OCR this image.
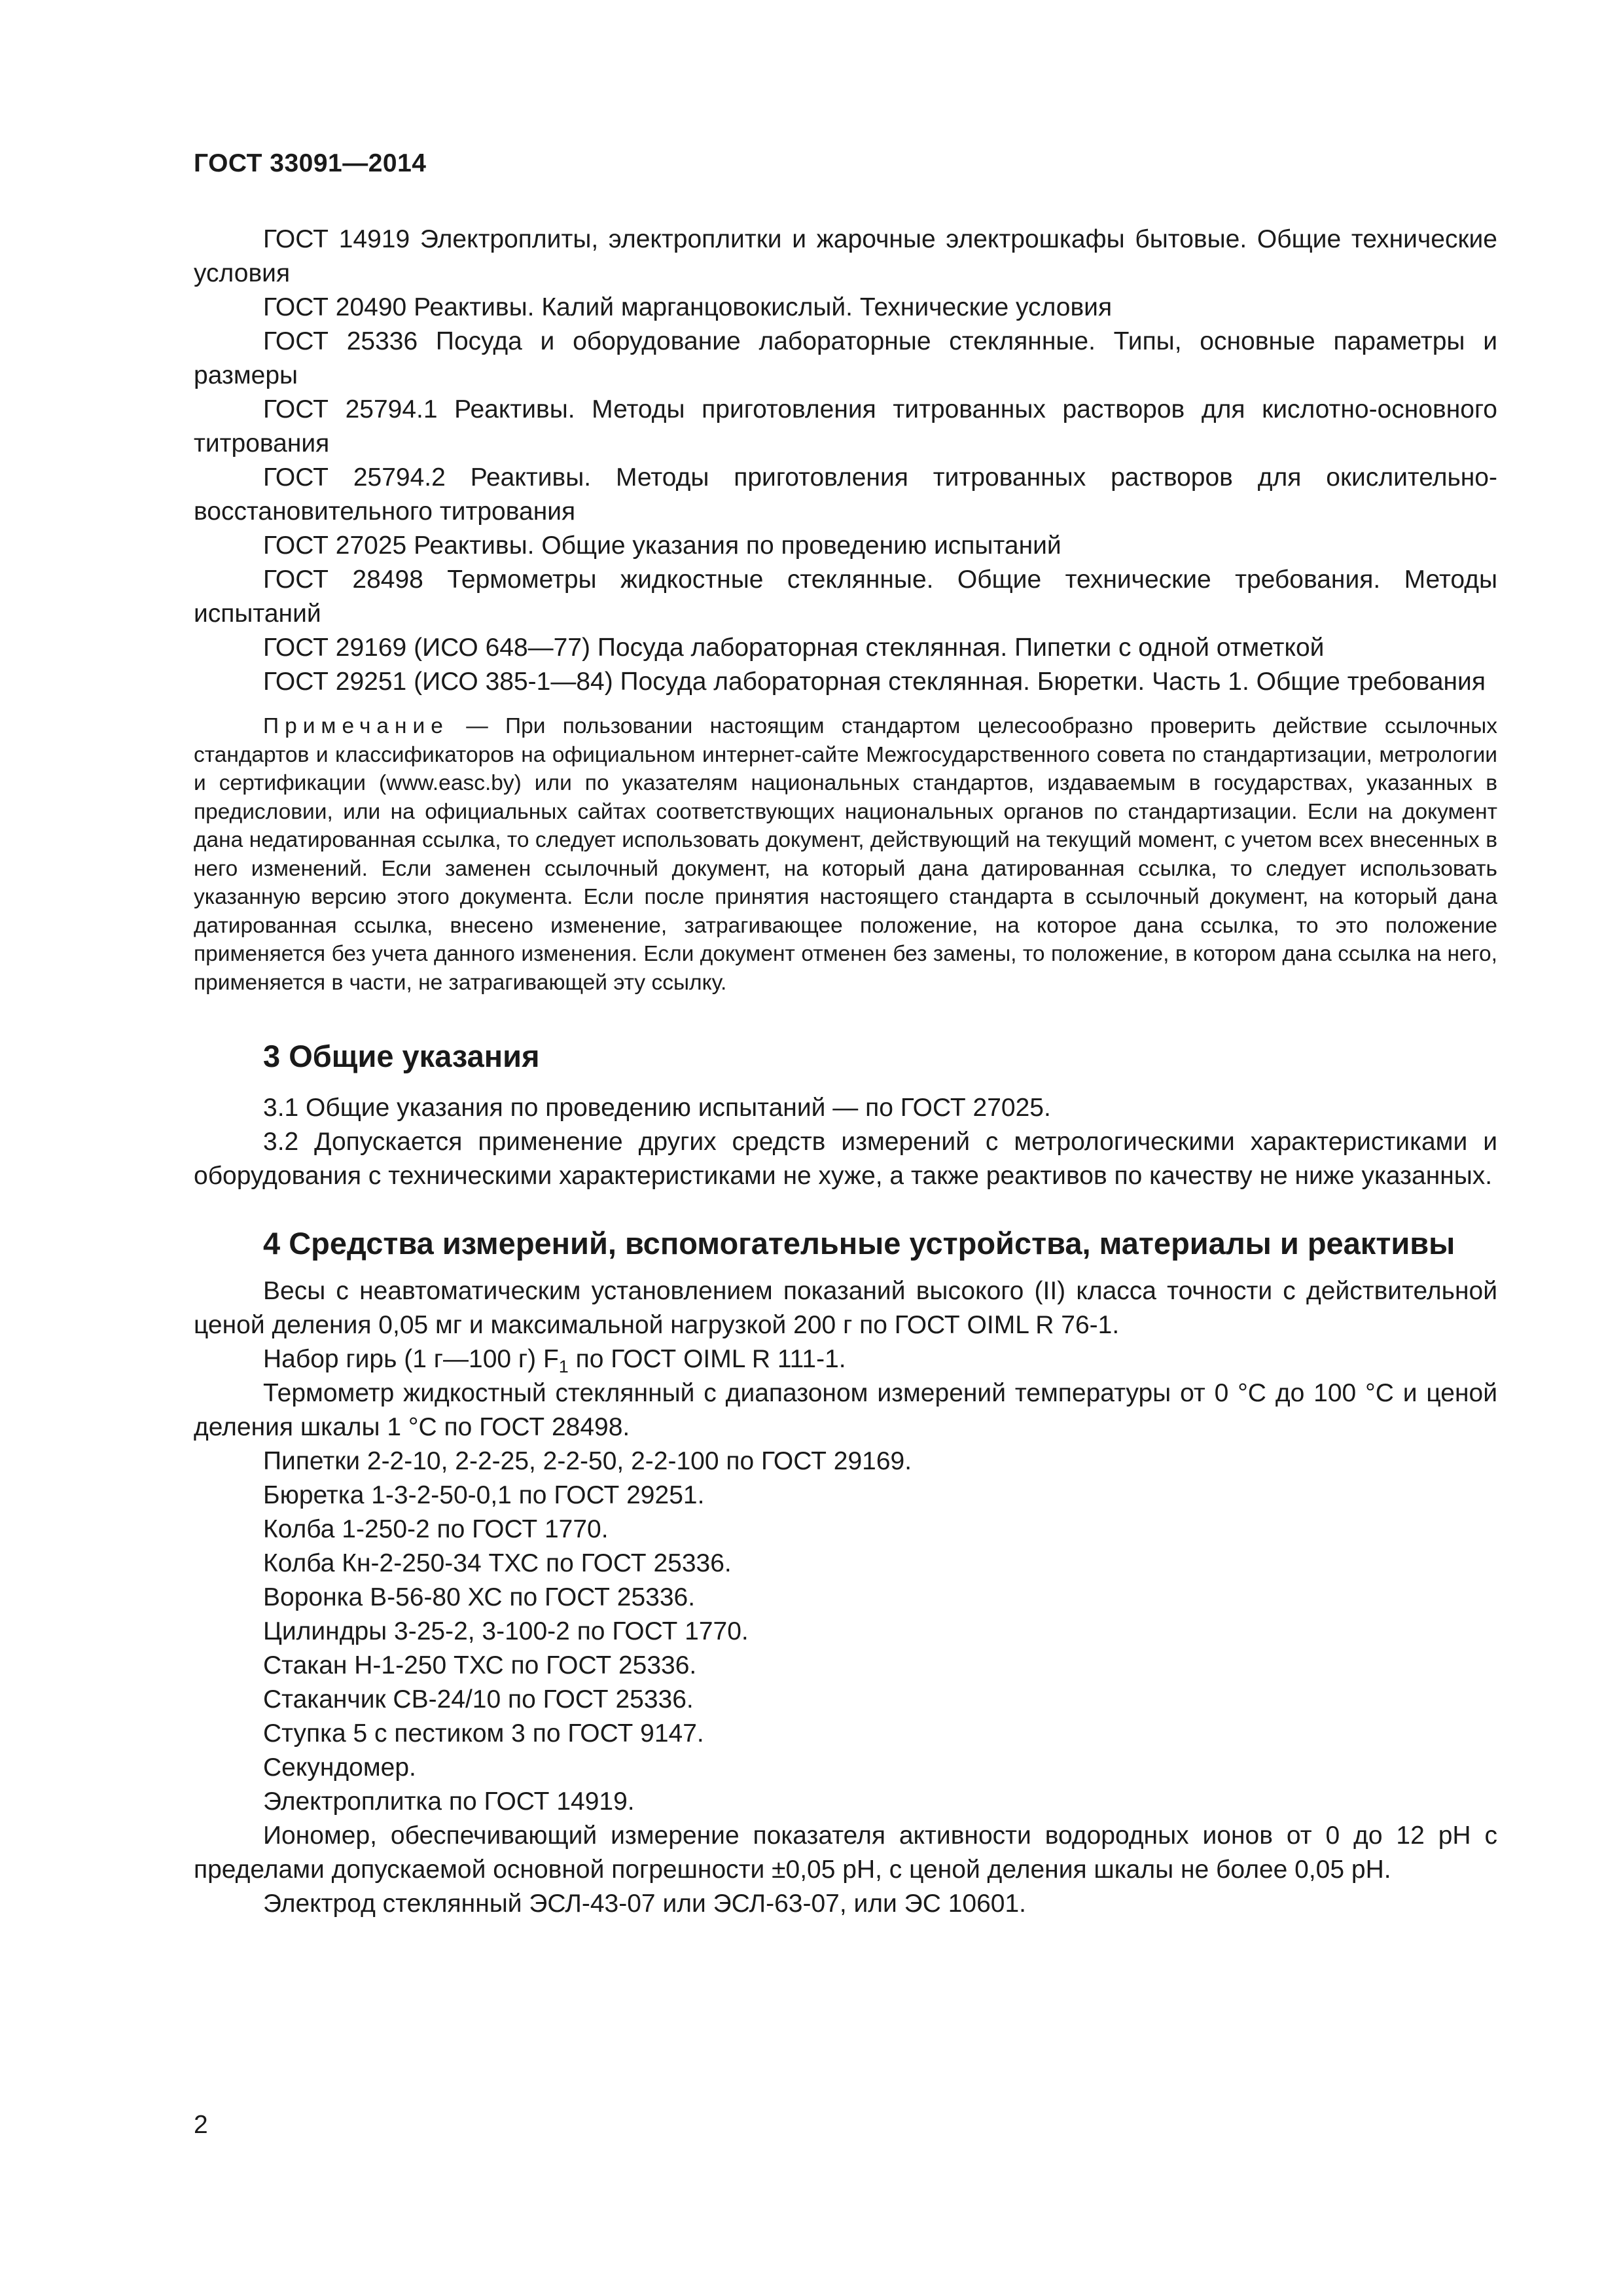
ГОСТ 33091—2014

ГОСТ 14919 Электроплиты, электроплитки и жарочные электрошкафы бытовые. Общие технические условия

ГОСТ 20490 Реактивы. Калий марганцовокислый. Технические условия

ГОСТ 25336 Посуда и оборудование лабораторные стеклянные. Типы, основные параметры и размеры

ГОСТ 25794.1 Реактивы. Методы приготовления титрованных растворов для кислотно-основного титрования

ГОСТ 25794.2 Реактивы. Методы приготовления титрованных растворов для окислительно-восстановительного титрования

ГОСТ 27025 Реактивы. Общие указания по проведению испытаний

ГОСТ 28498 Термометры жидкостные стеклянные. Общие технические требования. Методы испытаний

ГОСТ 29169 (ИСО 648—77) Посуда лабораторная стеклянная. Пипетки с одной отметкой

ГОСТ 29251 (ИСО 385-1—84) Посуда лабораторная стеклянная. Бюретки. Часть 1. Общие требования

Примечание — При пользовании настоящим стандартом целесообразно проверить действие ссылочных стандартов и классификаторов на официальном интернет-сайте Межгосударственного совета по стандартизации, метрологии и сертификации (www.easc.by) или по указателям национальных стандартов, издаваемым в государствах, указанных в предисловии, или на официальных сайтах соответствующих национальных органов по стандартизации. Если на документ дана недатированная ссылка, то следует использовать документ, действующий на текущий момент, с учетом всех внесенных в него изменений. Если заменен ссылочный документ, на который дана датированная ссылка, то следует использовать указанную версию этого документа. Если после принятия настоящего стандарта в ссылочный документ, на который дана датированная ссылка, внесено изменение, затрагивающее положение, на которое дана ссылка, то это положение применяется без учета данного изменения. Если документ отменен без замены, то положение, в котором дана ссылка на него, применяется в части, не затрагивающей эту ссылку.

3 Общие указания

3.1 Общие указания по проведению испытаний — по ГОСТ 27025.

3.2 Допускается применение других средств измерений с метрологическими характеристиками и оборудования с техническими характеристиками не хуже, а также реактивов по качеству не ниже указанных.

4 Средства измерений, вспомогательные устройства, материалы и реактивы

Весы с неавтоматическим установлением показаний высокого (II) класса точности с действительной ценой деления 0,05 мг и максимальной нагрузкой 200 г по ГОСТ OIML R 76-1.

Набор гирь (1 г—100 г) $F_1$ по ГОСТ OIML R 111-1.

Термометр жидкостный стеклянный с диапазоном измерений температуры от 0 °C до 100 °C и ценой деления шкалы 1 °C по ГОСТ 28498.

Пипетки 2-2-10, 2-2-25, 2-2-50, 2-2-100 по ГОСТ 29169.

Бюретка 1-3-2-50-0,1 по ГОСТ 29251.

Колба 1-250-2 по ГОСТ 1770.

Колба Кн-2-250-34 ТХС по ГОСТ 25336.

Воронка В-56-80 ХС по ГОСТ 25336.

Цилиндры 3-25-2, 3-100-2 по ГОСТ 1770.

Стакан Н-1-250 ТХС по ГОСТ 25336.

Стаканчик СВ-24/10 по ГОСТ 25336.

Ступка 5 с пестиком 3 по ГОСТ 9147.

Секундомер.

Электроплитка по ГОСТ 14919.

Иономер, обеспечивающий измерение показателя активности водородных ионов от 0 до 12 pH с пределами допускаемой основной погрешности ±0,05 pH, с ценой деления шкалы не более 0,05 pH.

Электрод стеклянный ЭСЛ-43-07 или ЭСЛ-63-07, или ЭС 10601.

2
